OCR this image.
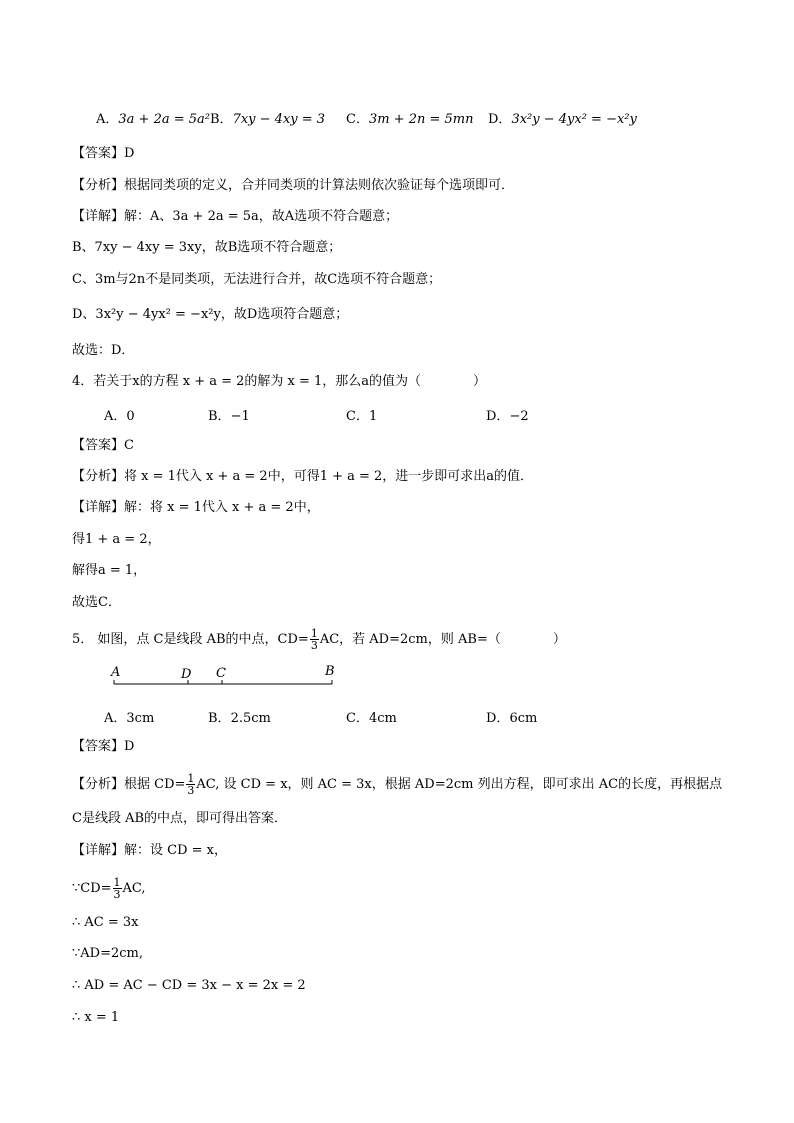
A．3a + 2a = 5a² B．7xy − 4xy = 3 C．3m + 2n = 5mn D．3x²y − 4yx² = −x²y
【答案】D
【分析】根据同类项的定义，合并同类项的计算法则依次验证每个选项即可．
【详解】解：A、3a + 2a = 5a，故A选项不符合题意；
B、7xy − 4xy = 3xy，故B选项不符合题意；
C、3m与2n不是同类项，无法进行合并，故C选项不符合题意；
D、3x²y − 4yx² = −x²y，故D选项符合题意；
故选：D．
4．若关于x的方程 x + a = 2的解为 x = 1，那么a的值为（　　　　）
A．0	B．−1	C．1	D．−2
【答案】C
【分析】将 x = 1代入 x + a = 2中，可得1 + a = 2，进一步即可求出a的值．
【详解】解：将 x = 1代入 x + a = 2中，
得1 + a = 2，
解得a = 1，
故选C．
5． 如图，点 C是线段 AB的中点，$CD= \frac{1}{3}$ AC，若 AD=2cm，则 AB=（　　　　）
A	D C	B
A．3cm	B．2.5cm	C．4cm	D．6cm
【答案】D
【分析】根据 $CD= \frac{1}{3}$ AC, 设 CD = x，则 AC = 3x，根据 AD=2cm 列出方程，即可求出 AC的长度，再根据点
C是线段 AB的中点，即可得出答案．
【详解】解：设 CD = x，
∵CD= $\frac{1}{3}$ AC,
∴ AC = 3x
∵AD=2cm,
∴ AD = AC − CD = 3x − x = 2x = 2
∴ x = 1
